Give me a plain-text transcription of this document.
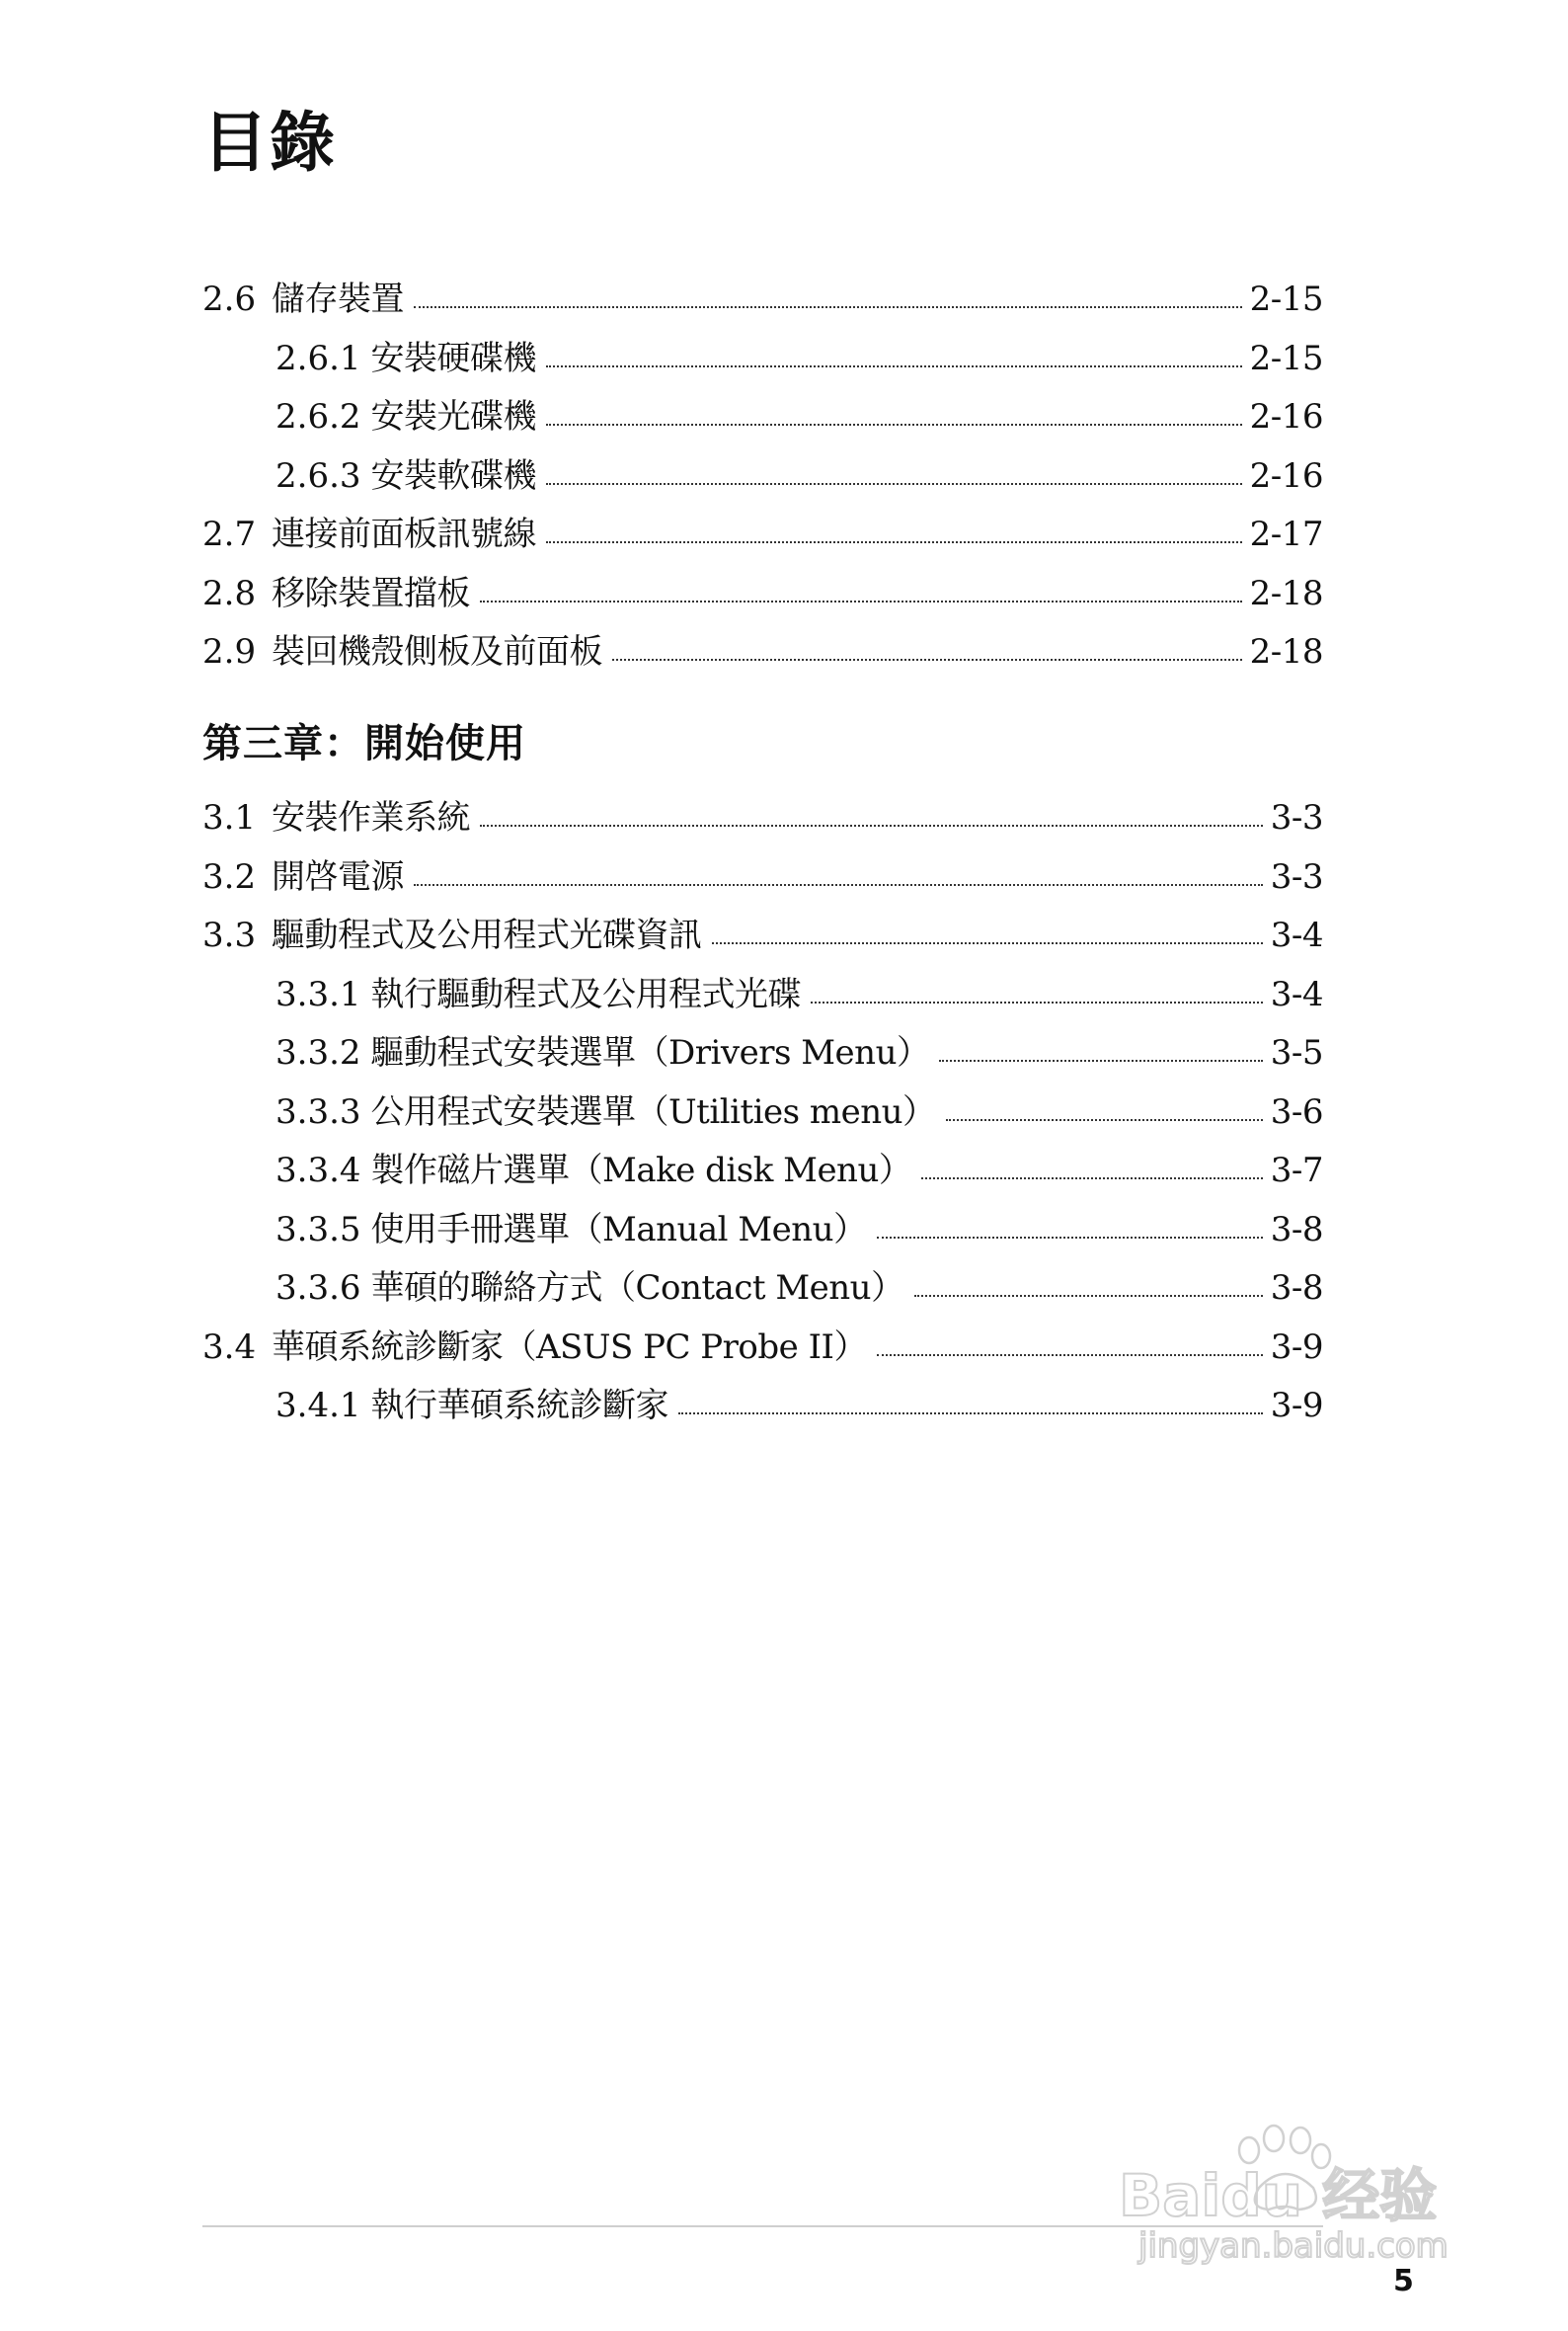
目錄
2.6 儲存裝置	2-15
2.6.1 安裝硬碟機	2-15
2.6.2 安裝光碟機	2-16
2.6.3 安裝軟碟機	2-16
2.7 連接前面板訊號線	2-17
2.8 移除裝置擋板	2-18
2.9 裝回機殼側板及前面板	2-18
第三章：開始使用
3.1 安裝作業系統	3-3
3.2 開啓電源	3-3
3.3 驅動程式及公用程式光碟資訊	3-4
3.3.1 執行驅動程式及公用程式光碟	3-4
3.3.2 驅動程式安裝選單（Drivers Menu）	3-5
3.3.3 公用程式安裝選單（Utilities menu）	3-6
3.3.4 製作磁片選單（Make disk Menu）	3-7
3.3.5 使用手冊選單（Manual Menu）	3-8
3.3.6 華碩的聯絡方式（Contact Menu）	3-8
3.4 華碩系統診斷家（ASUS PC Probe II）	3-9
3.4.1 執行華碩系統診斷家	3-9
Baidu 经验
jingyan.baidu.com
5
